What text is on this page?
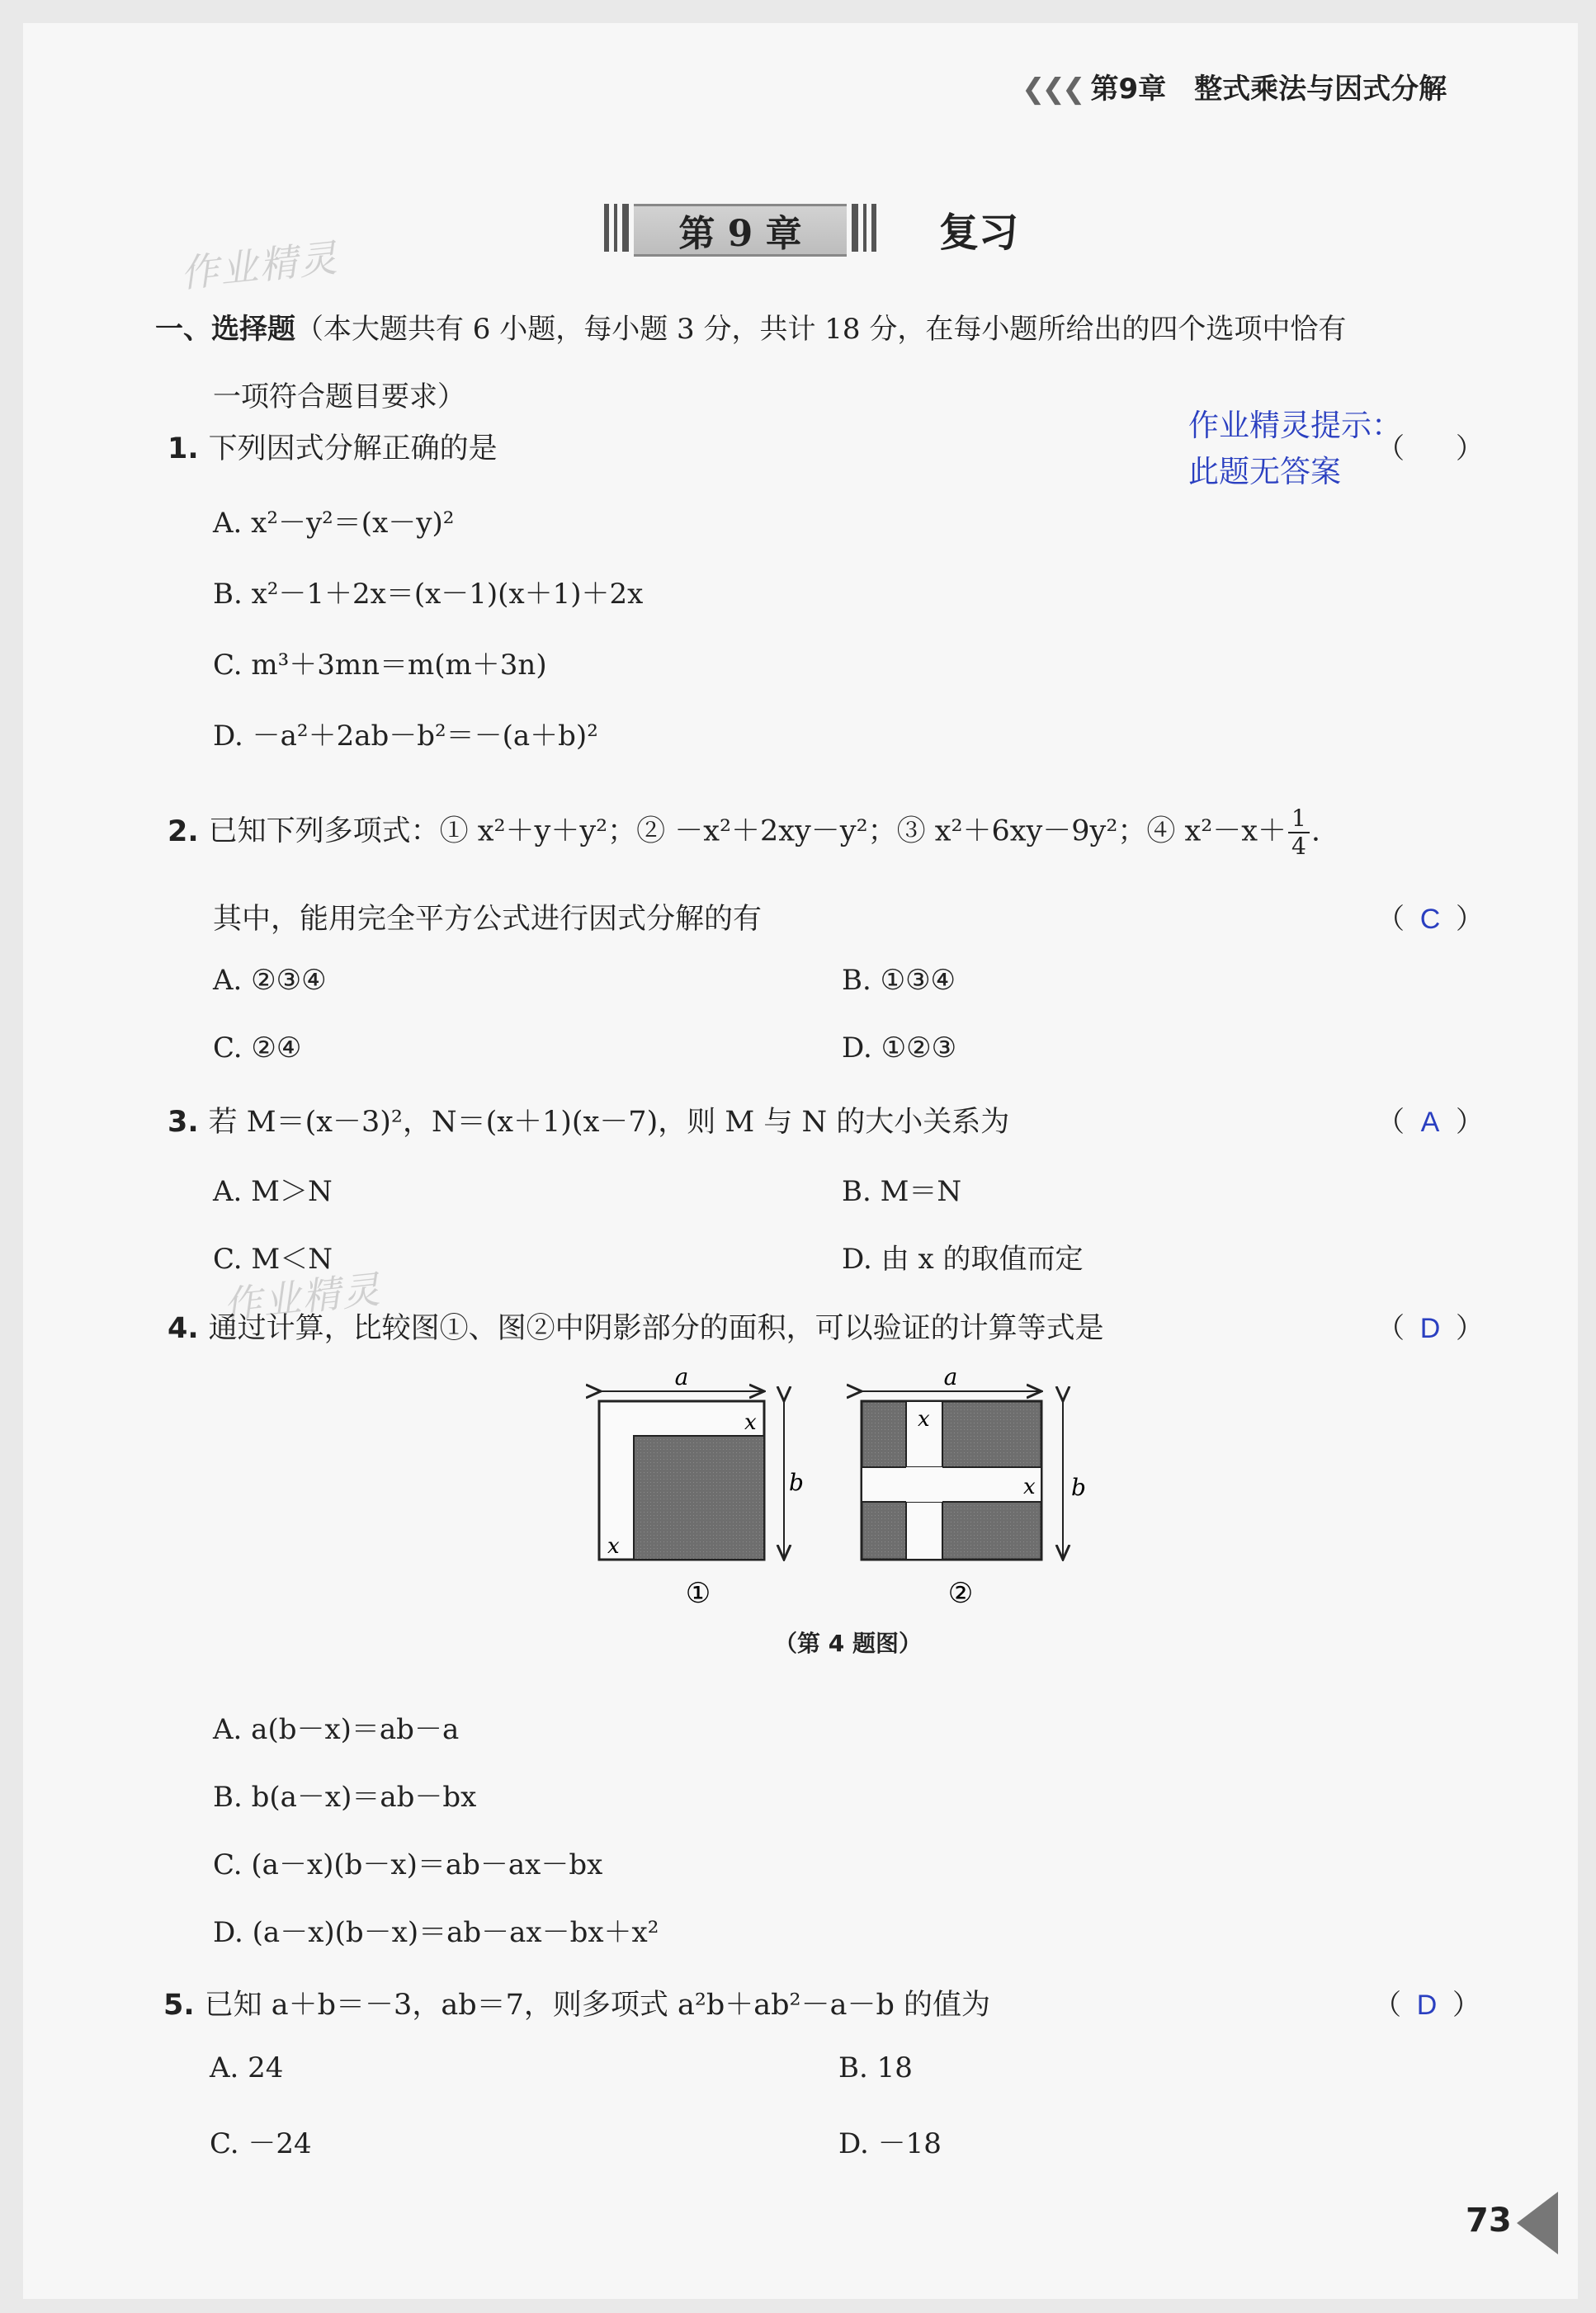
❮❮❮ 第9章　整式乘法与因式分解
第 9 章	复习
作业精灵
作业精灵
一、选择题（本大题共有 6 小题，每小题 3 分，共计 18 分，在每小题所给出的四个选项中恰有
一项符合题目要求）
作业精灵提示：
此题无答案
1. 下列因式分解正确的是	（ ）
A. x²－y²＝(x－y)²
B. x²－1＋2x＝(x－1)(x＋1)＋2x
C. m³＋3mn＝m(m＋3n)
D. －a²＋2ab－b²＝－(a＋b)²
2. 已知下列多项式：① x²＋y＋y²；② －x²＋2xy－y²；③ x²＋6xy－9y²；④ $x^2-x+ \frac{1}{4}$ .
其中，能用完全平方公式进行因式分解的有	（ C ）
A. ②③④	B. ①③④
C. ②④	D. ①②③
3. 若 M＝(x－3)²，N＝(x＋1)(x－7)，则 M 与 N 的大小关系为	（ A ）
A. M＞N	B. M＝N
C. M＜N	D. 由 x 的取值而定
4. 通过计算，比较图①、图②中阴影部分的面积，可以验证的计算等式是	（ D ）
a
x
x
b
①
a
x
x b
②
（第 4 题图）
A. a(b－x)＝ab－a
B. b(a－x)＝ab－bx
C. (a－x)(b－x)＝ab－ax－bx
D. (a－x)(b－x)＝ab－ax－bx＋x²
5. 已知 a＋b＝－3，ab＝7，则多项式 a²b＋ab²－a－b 的值为	（ D ）
A. 24	B. 18
C. －24	D. －18
73
